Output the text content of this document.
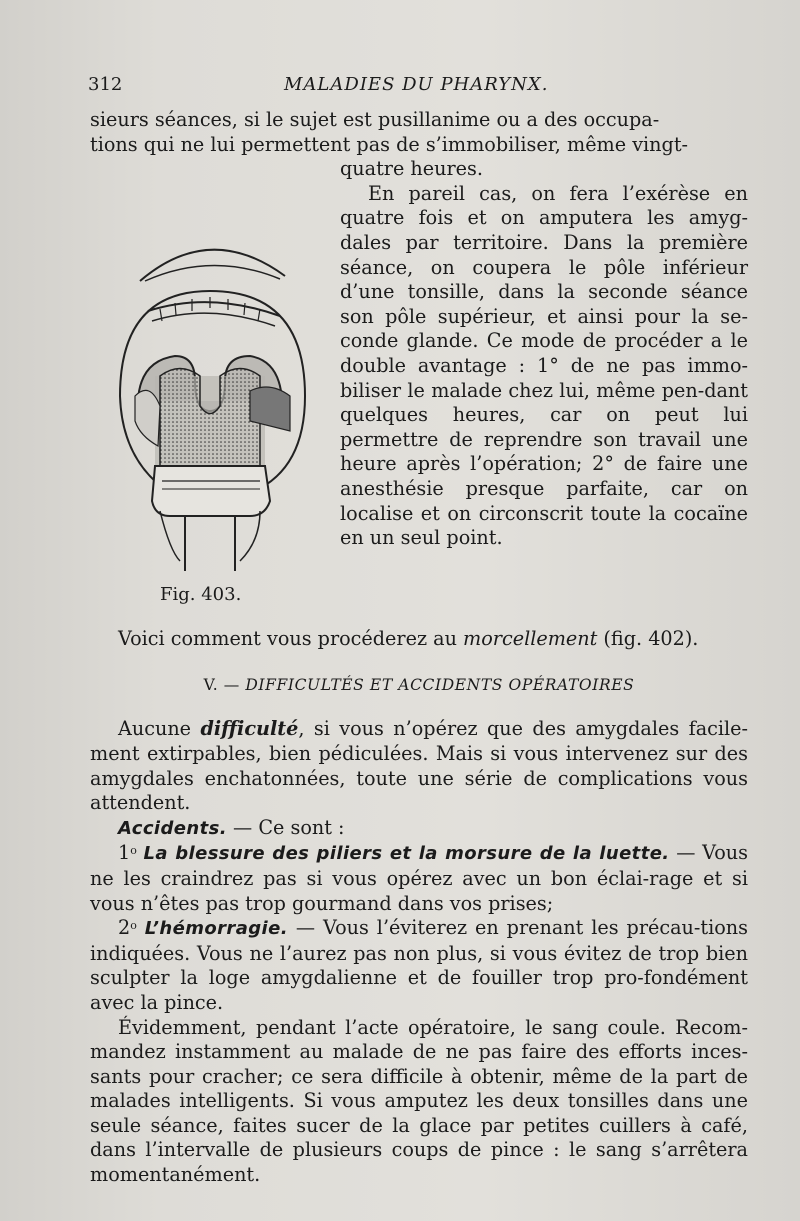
312	MALADIES DU PHARYNX.

sieurs séances, si le sujet est pusillanime ou a des occupa-

tions qui ne lui permettent pas de s’immobiliser, même vingt-

Fig. 403.

quatre heures.

En pareil cas, on fera l’exérèse en quatre fois et on amputera les amyg-dales par territoire. Dans la première séance, on coupera le pôle inférieur d’une tonsille, dans la seconde séance son pôle supérieur, et ainsi pour la se-conde glande. Ce mode de procéder a le double avantage : 1° de ne pas immo-biliser le malade chez lui, même pen-dant quelques heures, car on peut lui permettre de reprendre son travail une heure après l’opération; 2° de faire une anesthésie presque parfaite, car on localise et on circonscrit toute la cocaïne en un seul point.

Voici comment vous procéderez au morcellement (fig. 402).

V. — DIFFICULTÉS ET ACCIDENTS OPÉRATOIRES

Aucune difficulté, si vous n’opérez que des amygdales facile-ment extirpables, bien pédiculées. Mais si vous intervenez sur des amygdales enchatonnées, toute une série de complications vous attendent.

Accidents. — Ce sont :

1$^o$ La blessure des piliers et la morsure de la luette. — Vous ne les craindrez pas si vous opérez avec un bon éclai-rage et si vous n’êtes pas trop gourmand dans vos prises;

2$^o$ L’hémorragie. — Vous l’éviterez en prenant les précau-tions indiquées. Vous ne l’aurez pas non plus, si vous évitez de trop bien sculpter la loge amygdalienne et de fouiller trop pro-fondément avec la pince.

Évidemment, pendant l’acte opératoire, le sang coule. Recom-mandez instamment au malade de ne pas faire des efforts inces-sants pour cracher; ce sera difficile à obtenir, même de la part de malades intelligents. Si vous amputez les deux tonsilles dans une seule séance, faites sucer de la glace par petites cuillers à café, dans l’intervalle de plusieurs coups de pince : le sang s’arrêtera momentanément.
